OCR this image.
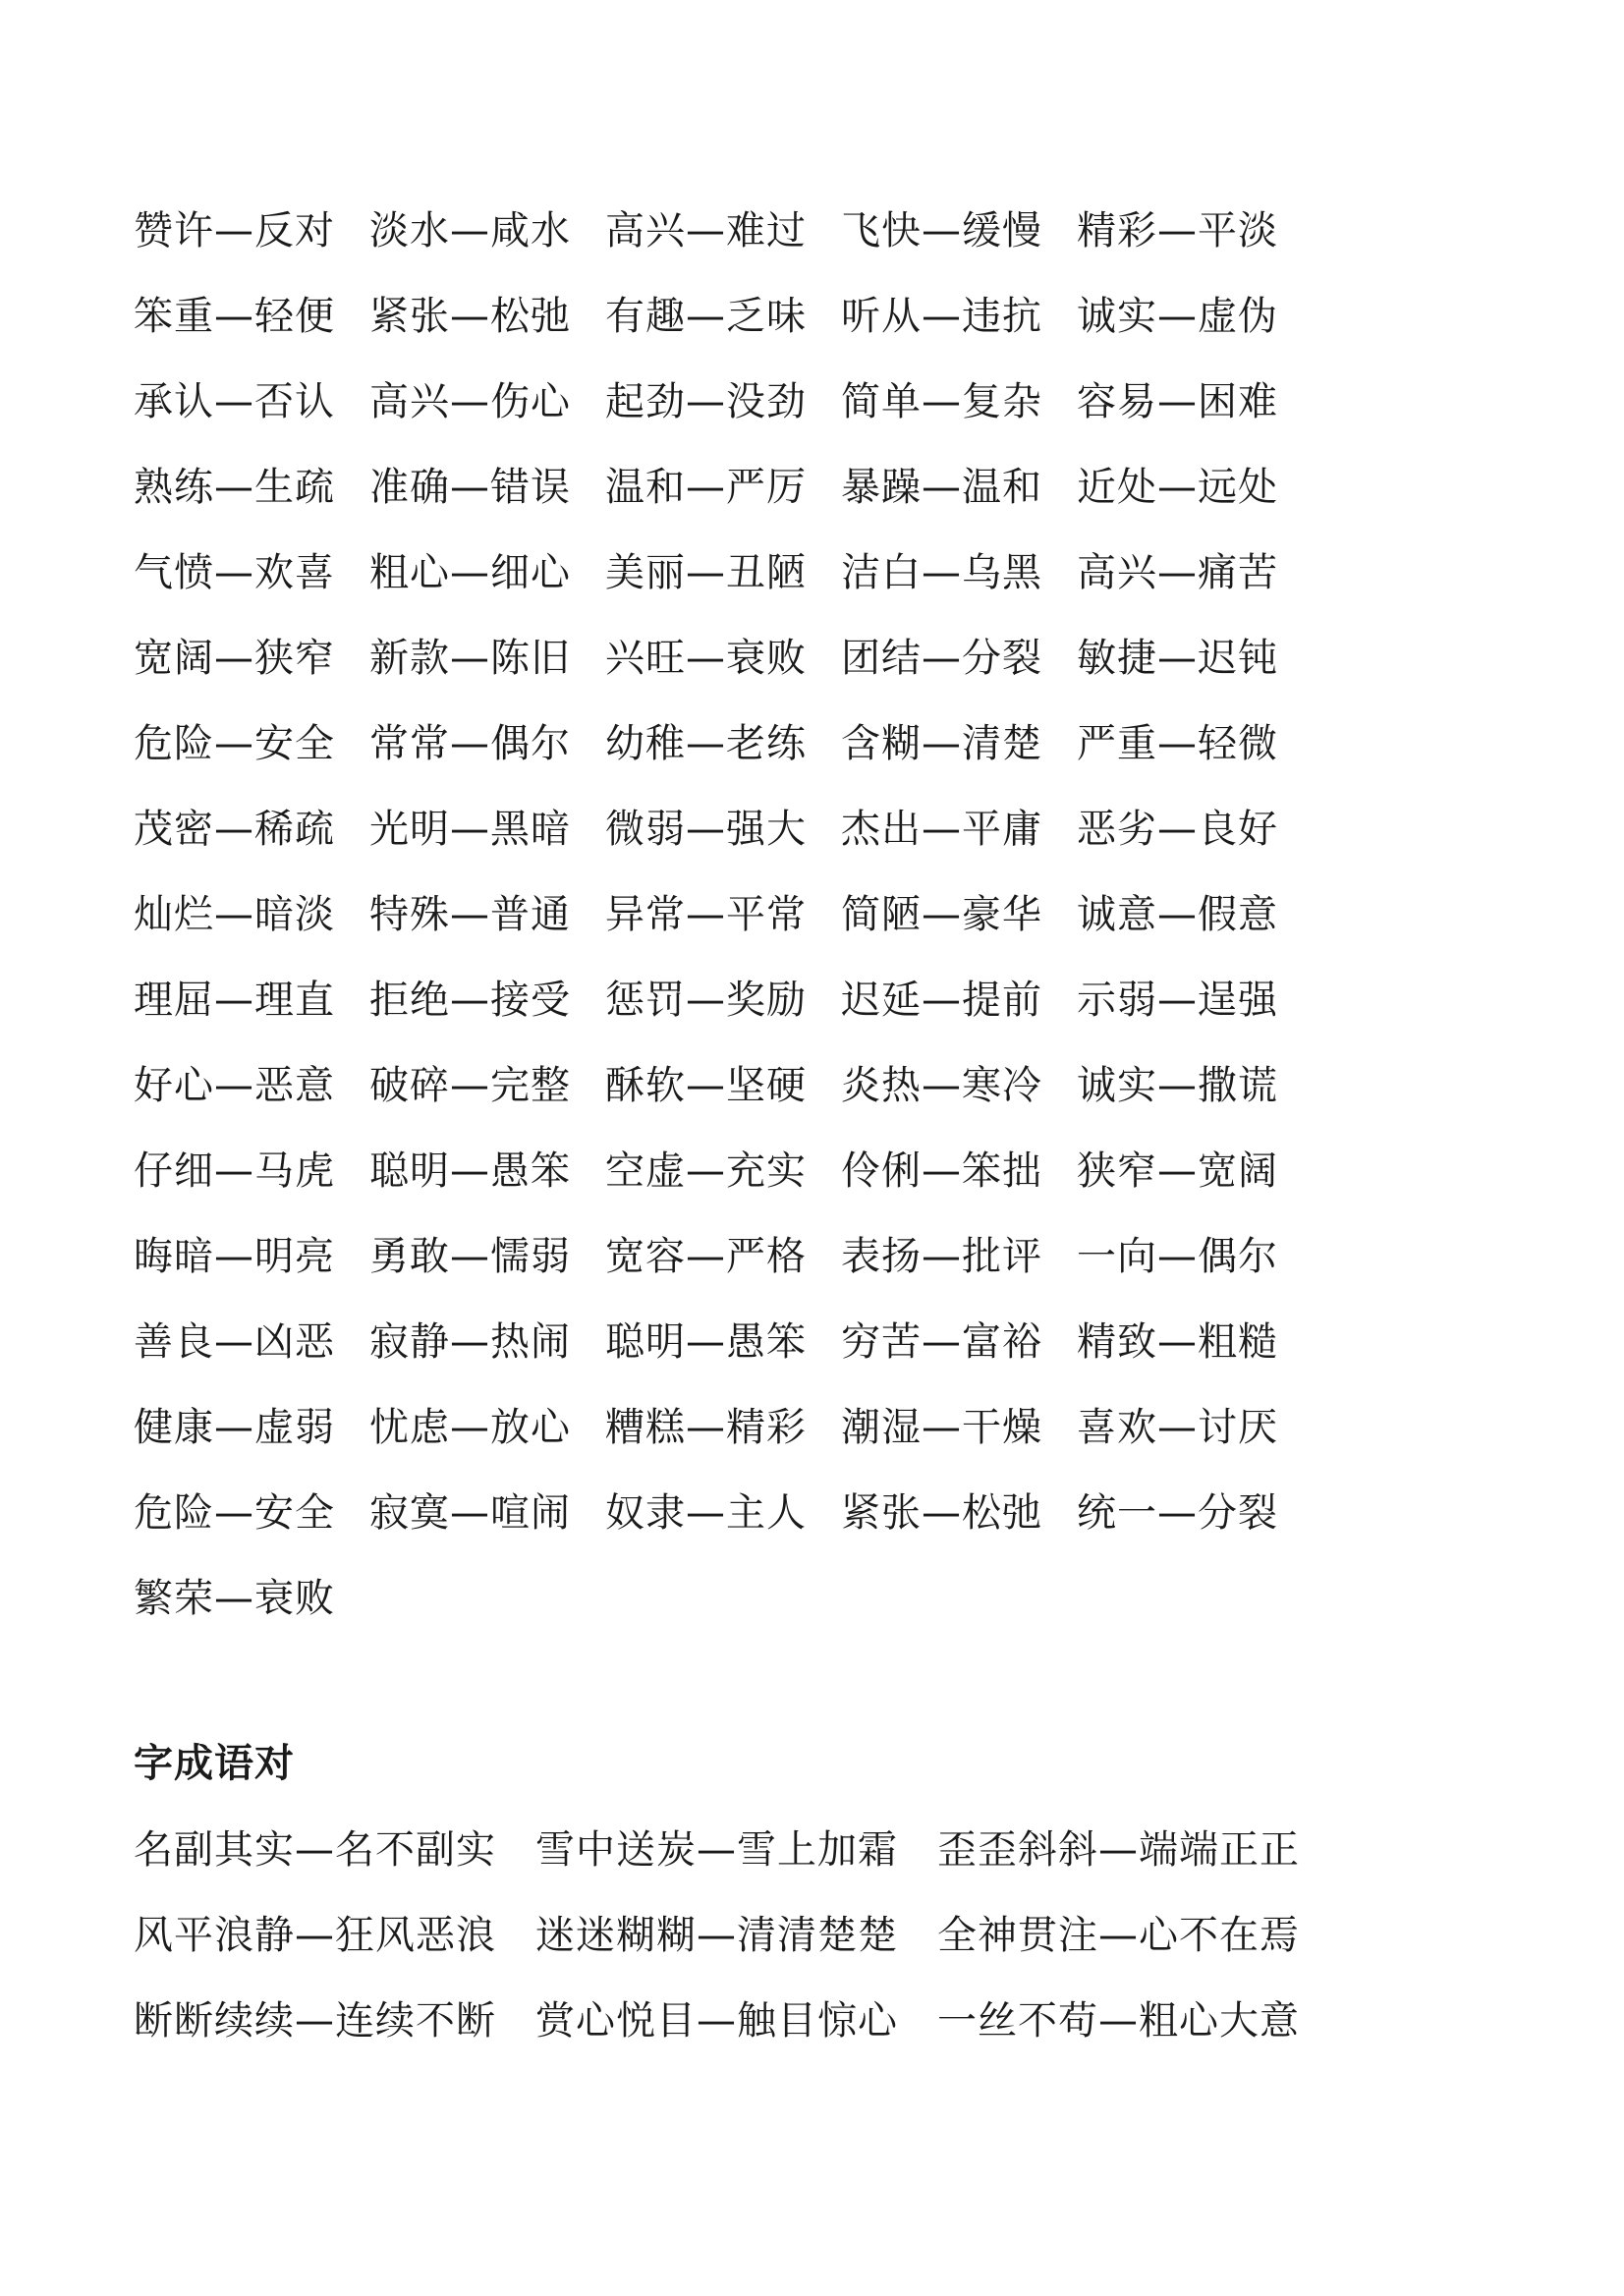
赞许—反对 淡水—咸水 高兴—难过 飞快—缓慢 精彩—平淡
笨重—轻便 紧张—松弛 有趣—乏味 听从—违抗 诚实—虚伪
承认—否认 高兴—伤心 起劲—没劲 简单—复杂 容易—困难
熟练—生疏 准确—错误 温和—严厉 暴躁—温和 近处—远处
气愤—欢喜 粗心—细心 美丽—丑陋 洁白—乌黑 高兴—痛苦
宽阔—狭窄 新款—陈旧 兴旺—衰败 团结—分裂 敏捷—迟钝
危险—安全 常常—偶尔 幼稚—老练 含糊—清楚 严重—轻微
茂密—稀疏 光明—黑暗 微弱—强大 杰出—平庸 恶劣—良好
灿烂—暗淡 特殊—普通 异常—平常 简陋—豪华 诚意—假意
理屈—理直 拒绝—接受 惩罚—奖励 迟延—提前 示弱—逞强
好心—恶意 破碎—完整 酥软—坚硬 炎热—寒冷 诚实—撒谎
仔细—马虎 聪明—愚笨 空虚—充实 伶俐—笨拙 狭窄—宽阔
晦暗—明亮 勇敢—懦弱 宽容—严格 表扬—批评 一向—偶尔
善良—凶恶 寂静—热闹 聪明—愚笨 穷苦—富裕 精致—粗糙
健康—虚弱 忧虑—放心 糟糕—精彩 潮湿—干燥 喜欢—讨厌
危险—安全 寂寞—喧闹 奴隶—主人 紧张—松弛 统一—分裂
繁荣—衰败
字成语对
名副其实—名不副实	雪中送炭—雪上加霜	歪歪斜斜—端端正正
风平浪静—狂风恶浪	迷迷糊糊—清清楚楚	全神贯注—心不在焉
断断续续—连续不断	赏心悦目—触目惊心	一丝不苟—粗心大意
